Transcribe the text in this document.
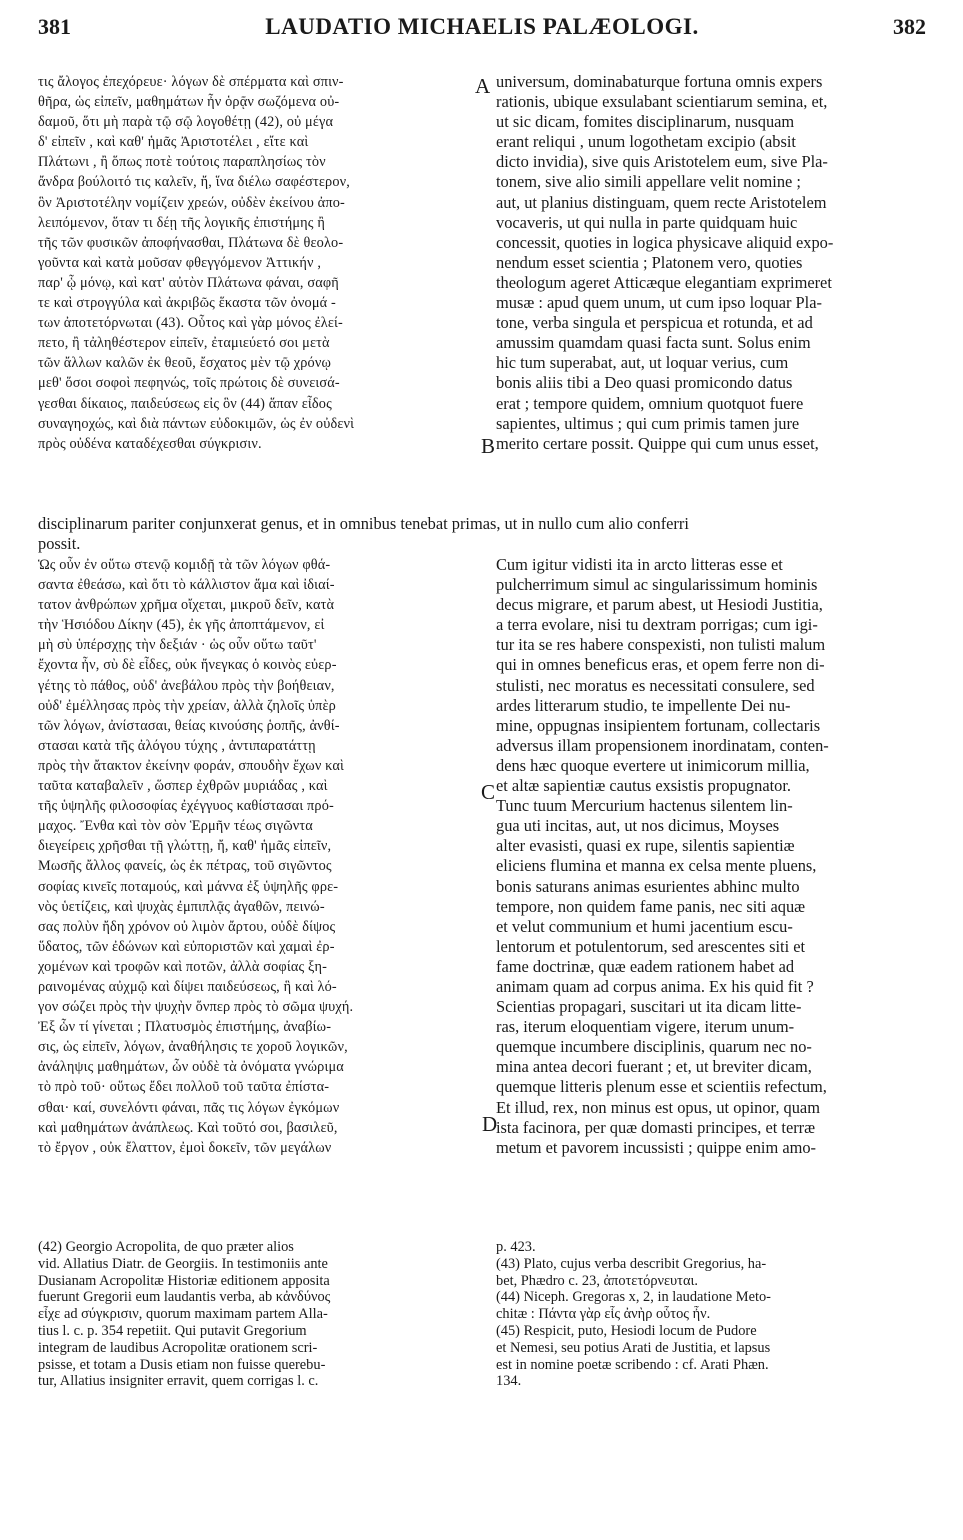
381	LAUDATIO MICHAELIS PALÆOLOGI.	382
τις ἄλογος ἐπεχόρευε· λόγων δὲ σπέρματα καὶ σπιν-
θῆρα, ὡς εἰπεῖν, μαθημάτων ἦν ὁρᾷν σωζόμενα οὐ-
δαμοῦ, ὅτι μὴ παρὰ τῷ σῷ λογοθέτῃ (42), οὐ μέγα
δ' εἰπεῖν , καὶ καθ' ἡμᾶς Ἀριστοτέλει , εἴτε καὶ
Πλάτωνι , ἢ ὅπως ποτὲ τούτοις παραπλησίως τὸν
ἄνδρα βούλοιτό τις καλεῖν, ἤ, ἵνα διέλω σαφέστερον,
ὃν Ἀριστοτέλην νομίζειν χρεών, οὐδὲν ἐκείνου ἀπο-
λειπόμενον, ὅταν τι δέῃ τῆς λογικῆς ἐπιστήμης ἢ
τῆς τῶν φυσικῶν ἀποφήνασθαι, Πλάτωνα δὲ θεολο-
γοῦντα καὶ κατὰ μοῦσαν φθεγγόμενον Ἀττικήν ,
παρ' ᾧ μόνῳ, καὶ κατ' αὐτὸν Πλάτωνα φάναι, σαφῆ
τε καὶ στρογγύλα καὶ ἀκριβῶς ἕκαστα τῶν ὀνομά -
των ἀποτετόρνωται (43). Οὗτος καὶ γὰρ μόνος ἐλεί-
πετο, ἢ τἀληθέστερον εἰπεῖν, ἐταμιεύετό σοι μετὰ
τῶν ἄλλων καλῶν ἐκ θεοῦ, ἔσχατος μὲν τῷ χρόνῳ
μεθ' ὅσοι σοφοὶ πεφηνώς, τοῖς πρώτοις δὲ συνεισά-
γεσθαι δίκαιος, παιδεύσεως εἰς ὃν (44) ἅπαν εἶδος
συναγηοχώς, καὶ διὰ πάντων εὐδοκιμῶν, ὡς ἐν οὐδενὶ
πρὸς οὐδένα καταδέχεσθαι σύγκρισιν.
universum, dominabaturque fortuna omnis expers
rationis, ubique exsulabant scientiarum semina, et,
ut sic dicam, fomites disciplinarum, nusquam
erant reliqui , unum logothetam excipio (absit
dicto invidia), sive quis Aristotelem eum, sive Pla-
tonem, sive alio simili appellare velit nomine ;
aut, ut planius distinguam, quem recte Aristotelem
vocaveris, ut qui nulla in parte quidquam huic
concessit, quoties in logica physicave aliquid expo-
nendum esset scientia ; Platonem vero, quoties
theologum ageret Atticæque elegantiam exprimeret
musæ : apud quem unum, ut cum ipso loquar Pla-
tone, verba singula et perspicua et rotunda, et ad
amussim quamdam quasi facta sunt. Solus enim
hic tum superabat, aut, ut loquar verius, cum
bonis aliis tibi a Deo quasi promicondo datus
erat ; tempore quidem, omnium quotquot fuere
sapientes, ultimus ; qui cum primis tamen jure
merito certare possit. Quippe qui cum unus esset,
A
B
C
D
disciplinarum pariter conjunxerat genus, et in omnibus tenebat primas, ut in nullo cum alio conferri
possit.
Ὡς οὖν ἐν οὕτω στενῷ κομιδῇ τὰ τῶν λόγων φθά-
σαντα ἐθεάσω, καὶ ὅτι τὸ κάλλιστον ἅμα καὶ ἰδιαί-
τατον ἀνθρώπων χρῆμα οἴχεται, μικροῦ δεῖν, κατὰ
τὴν Ἡσιόδου Δίκην (45), ἐκ γῆς ἀποπτάμενον, εἰ
μὴ σὺ ὑπέρσχῃς τὴν δεξιάν · ὡς οὖν οὕτω ταῦτ'
ἔχοντα ἦν, σὺ δὲ εἶδες, οὐκ ἤνεγκας ὁ κοινὸς εὐερ-
γέτης τὸ πάθος, οὐδ' ἀνεβάλου πρὸς τὴν βοήθειαν,
οὐδ' ἐμέλλησας πρὸς τὴν χρείαν, ἀλλὰ ζηλοῖς ὑπὲρ
τῶν λόγων, ἀνίστασαι, θείας κινούσης ῥοπῆς, ἀνθί-
στασαι κατὰ τῆς ἀλόγου τύχης , ἀντιπαρατάττῃ
πρὸς τὴν ἄτακτον ἐκείνην φοράν, σπουδὴν ἔχων καὶ
ταῦτα καταβαλεῖν , ὥσπερ ἐχθρῶν μυριάδας , καὶ
τῆς ὑψηλῆς φιλοσοφίας ἐχέγγυος καθίστασαι πρό-
μαχος. Ἔνθα καὶ τὸν σὸν Ἑρμῆν τέως σιγῶντα
διεγείρεις χρῆσθαι τῇ γλώττῃ, ἤ, καθ' ἡμᾶς εἰπεῖν,
Μωσῆς ἄλλος φανείς, ὡς ἐκ πέτρας, τοῦ σιγῶντος
σοφίας κινεῖς ποταμούς, καὶ μάννα ἐξ ὑψηλῆς φρε-
νὸς ὑετίζεις, καὶ ψυχὰς ἐμπιπλᾷς ἀγαθῶν, πεινώ-
σας πολὺν ἤδη χρόνον οὐ λιμὸν ἄρτου, οὐδὲ δίψος
ὕδατος, τῶν ἐδώνων καὶ εὐποριστῶν καὶ χαμαὶ ἐρ-
χομένων καὶ τροφῶν καὶ ποτῶν, ἀλλὰ σοφίας ξη-
ραινομένας αὐχμῷ καὶ δίψει παιδεύσεως, ἣ καὶ λό-
γον σώζει πρὸς τὴν ψυχὴν ὅνπερ πρὸς τὸ σῶμα ψυχή.
Ἐξ ὧν τί γίνεται ; Πλατυσμὸς ἐπιστήμης, ἀναβίω-
σις, ὡς εἰπεῖν, λόγων, ἀναθήλησις τε χοροῦ λογικῶν,
ἀνάληψις μαθημάτων, ὧν οὐδὲ τὰ ὀνόματα γνώριμα
τὸ πρὸ τοῦ· οὕτως ἔδει πολλοῦ τοῦ ταῦτα ἐπίστα-
σθαι· καί, συνελόντι φάναι, πᾶς τις λόγων ἐγκόμων
καὶ μαθημάτων ἀνάπλεως. Καὶ τοῦτό σοι, βασιλεῦ,
τὸ ἔργον , οὐκ ἔλαττον, ἐμοὶ δοκεῖν, τῶν μεγάλων
Cum igitur vidisti ita in arcto litteras esse et
pulcherrimum simul ac singularissimum hominis
decus migrare, et parum abest, ut Hesiodi Justitia,
a terra evolare, nisi tu dextram porrigas; cum igi-
tur ita se res habere conspexisti, non tulisti malum
qui in omnes beneficus eras, et opem ferre non di-
stulisti, nec moratus es necessitati consulere, sed
ardes litterarum studio, te impellente Dei nu-
mine, oppugnas insipientem fortunam, collectaris
adversus illam propensionem inordinatam, conten-
dens hæc quoque evertere ut inimicorum millia,
et altæ sapientiæ cautus exsistis propugnator.
Tunc tuum Mercurium hactenus silentem lin-
gua uti incitas, aut, ut nos dicimus, Moyses
alter evasisti, quasi ex rupe, silentis sapientiæ
eliciens flumina et manna ex celsa mente pluens,
bonis saturans animas esurientes abhinc multo
tempore, non quidem fame panis, nec siti aquæ
et velut communium et humi jacentium escu-
lentorum et potulentorum, sed arescentes siti et
fame doctrinæ, quæ eadem rationem habet ad
animam quam ad corpus anima. Ex his quid fit ?
Scientias propagari, suscitari ut ita dicam litte-
ras, iterum eloquentiam vigere, iterum unum-
quemque incumbere disciplinis, quarum nec no-
mina antea decori fuerant ; et, ut breviter dicam,
quemque litteris plenum esse et scientiis refectum,
Et illud, rex, non minus est opus, ut opinor, quam
ista facinora, per quæ domasti principes, et terræ
metum et pavorem incussisti ; quippe enim amo-
(42) Georgio Acropolita, de quo præter alios
vid. Allatius Diatr. de Georgiis. In testimoniis ante
Dusianam Acropolitæ Historiæ editionem apposita
fuerunt Gregorii eum laudantis verba, ab κἀνδύνος
εἶχε ad σύγκρισιν, quorum maximam partem Alla-
tius l. c. p. 354 repetiit. Qui putavit Gregorium
integram de laudibus Acropolitæ orationem scri-
psisse, et totam a Dusis etiam non fuisse querebu-
tur, Allatius insigniter erravit, quem corrigas l. c.
p. 423.
(43) Plato, cujus verba describit Gregorius, ha-
bet, Phædro c. 23, ἀποτετόρνευται.
(44) Niceph. Gregoras x, 2, in laudatione Meto-
chitæ : Πάντα γὰρ εἷς ἀνὴρ οὗτος ἦν.
(45) Respicit, puto, Hesiodi locum de Pudore
et Nemesi, seu potius Arati de Justitia, et lapsus
est in nomine poetæ scribendo : cf. Arati Phæn.
134.
